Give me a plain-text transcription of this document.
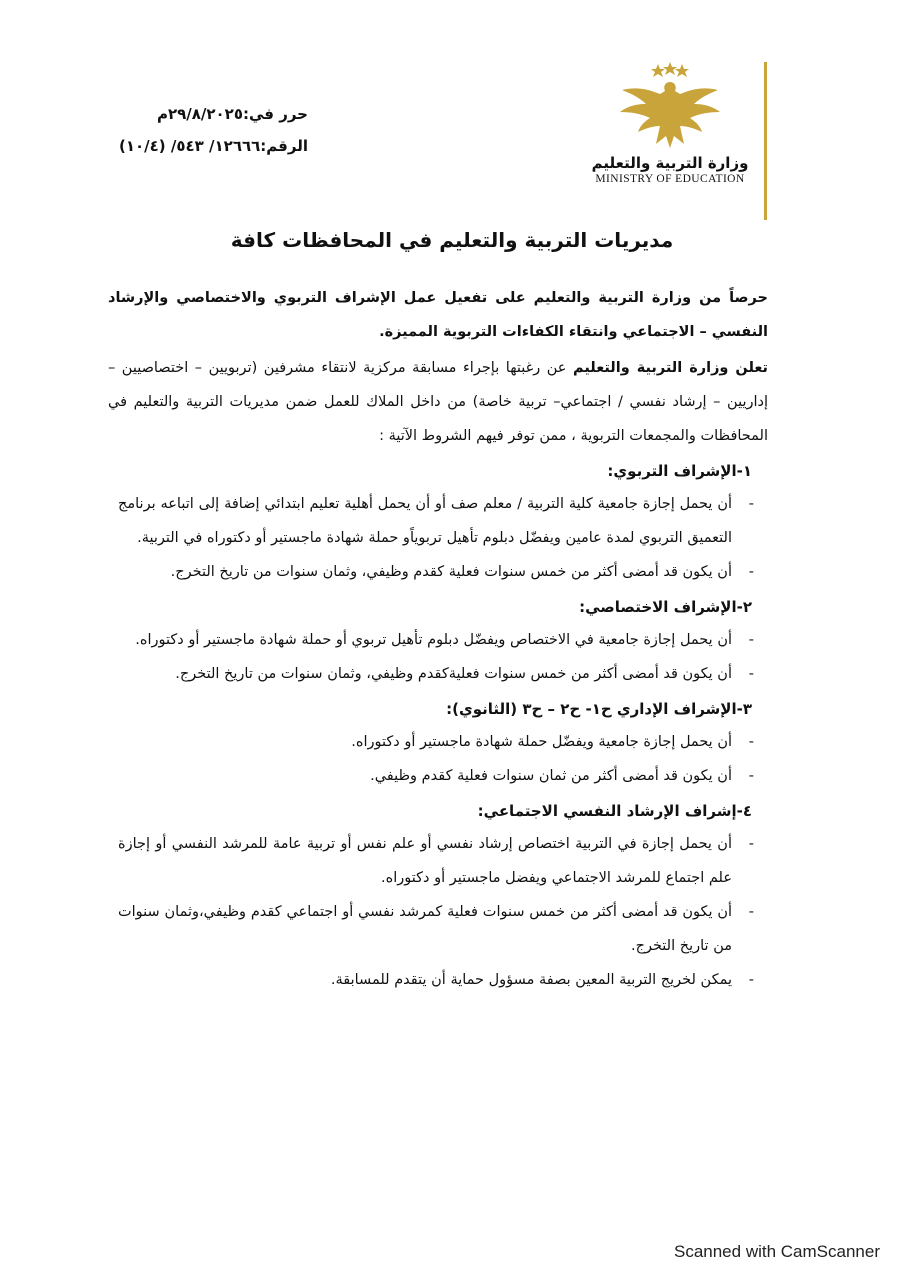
وزارة التربية والتعليم
MINISTRY OF EDUCATION
حرر في:٢٩/٨/٢٠٢٥م
الرقم:١٢٦٦٦/ ٥٤٣/ (١٠/٤)
مديريات التربية والتعليم في المحافظات كافة
حرصاً من وزارة التربية والتعليم على تفعيل عمل الإشراف التربوي والاختصاصي والإرشاد النفسي – الاجتماعي وانتقاء الكفاءات التربوية المميزة.
تعلن وزارة التربية والتعليم عن رغبتها بإجراء مسابقة مركزية لانتقاء مشرفين (تربويين – اختصاصيين – إداريين – إرشاد نفسي / اجتماعي– تربية خاصة) من داخل الملاك للعمل ضمن مديريات التربية والتعليم في المحافظات والمجمعات التربوية ، ممن توفر فيهم الشروط الآتية :
١-الإشراف التربوي:
-
أن يحمل إجازة جامعية كلية التربية / معلم صف أو أن يحمل أهلية تعليم ابتدائي إضافة إلى اتباعه برنامج التعميق التربوي لمدة عامين ويفضّل دبلوم تأهيل تربوياًو حملة شهادة ماجستير أو دكتوراه في التربية.
-
أن يكون قد أمضى أكثر من خمس سنوات فعلية كقدم وظيفي، وثمان سنوات من تاريخ التخرج.
٢-الإشراف الاختصاصي:
-
أن يحمل إجازة جامعية في الاختصاص ويفضّل دبلوم تأهيل تربوي أو حملة شهادة ماجستير أو دكتوراه.
-
أن يكون قد أمضى أكثر من خمس سنوات فعليةكقدم وظيفي، وثمان سنوات من تاريخ التخرج.
٣-الإشراف الإداري ح١- ح٢ – ح٣ (الثانوي):
-
أن يحمل إجازة جامعية ويفضّل حملة شهادة ماجستير أو دكتوراه.
-
أن يكون قد أمضى أكثر من ثمان سنوات فعلية كقدم وظيفي.
٤-إشراف الإرشاد النفسي الاجتماعي:
-
أن يحمل إجازة في التربية اختصاص إرشاد نفسي أو علم نفس أو تربية عامة للمرشد النفسي أو إجازة علم اجتماع للمرشد الاجتماعي ويفضل ماجستير أو دكتوراه.
-
أن يكون قد أمضى أكثر من خمس سنوات فعلية كمرشد نفسي أو اجتماعي كقدم وظيفي،وثمان سنوات من تاريخ التخرج.
-
يمكن لخريج التربية المعين بصفة مسؤول حماية أن يتقدم للمسابقة.
Scanned with CamScanner
